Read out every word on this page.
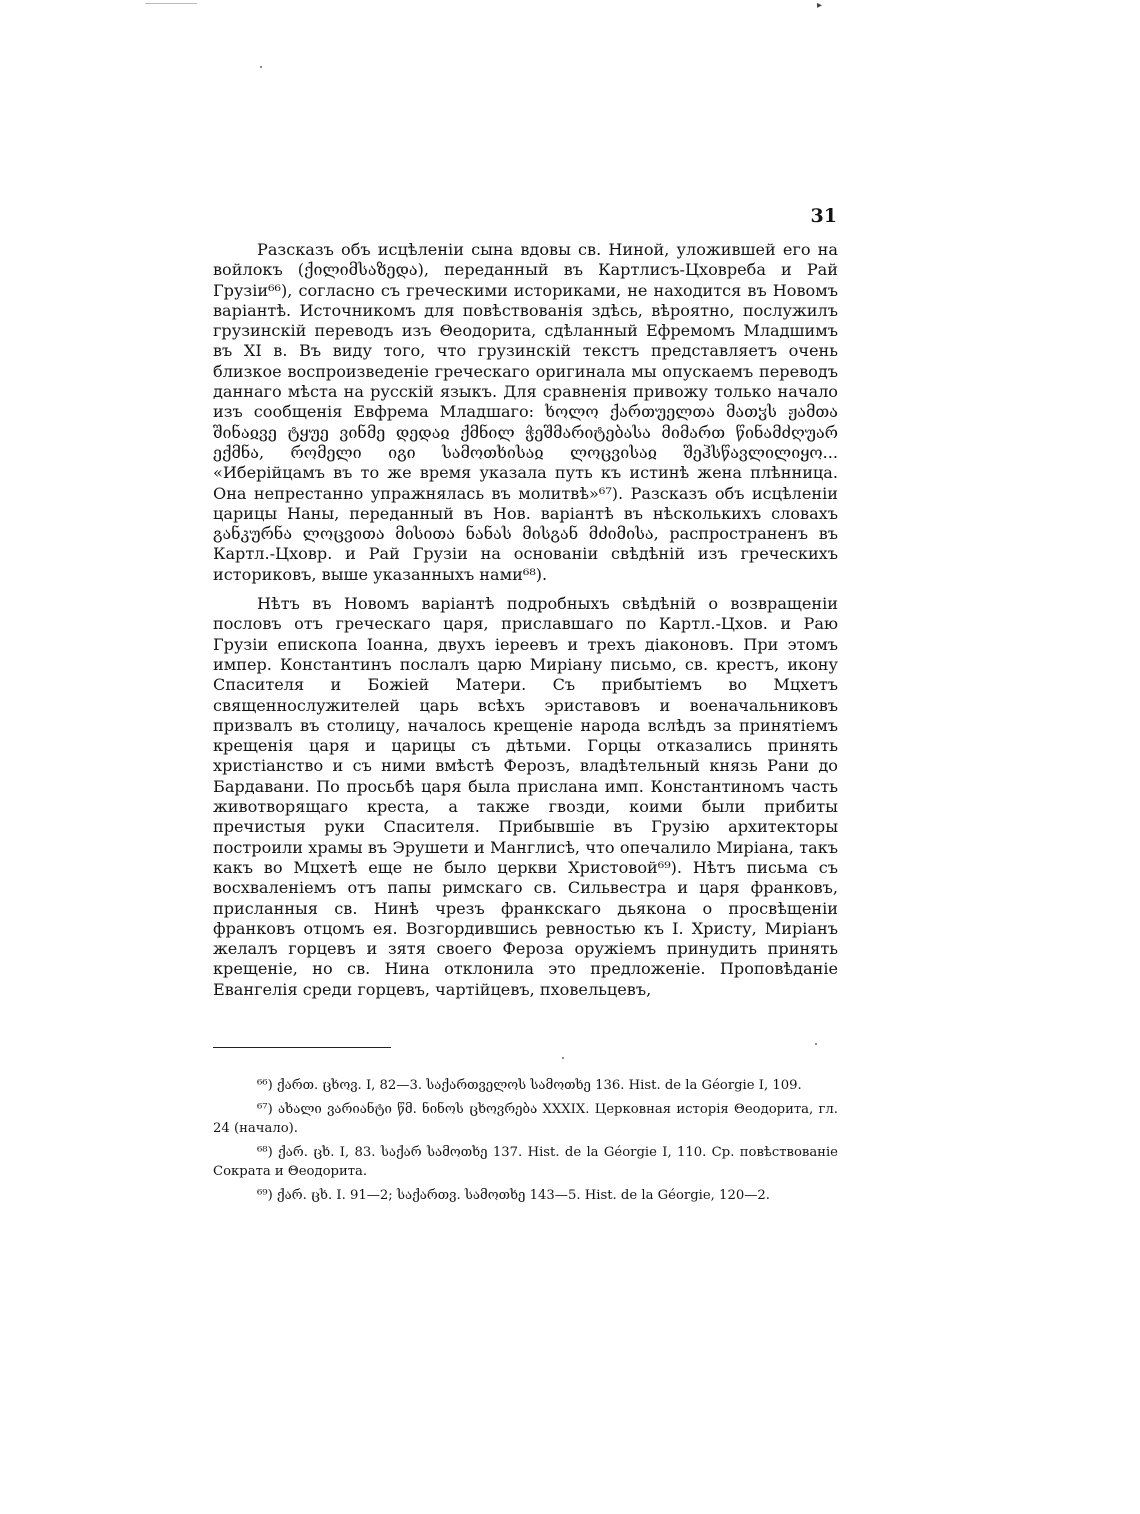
▸
31

Разсказъ объ исцѣленіи сына вдовы св. Ниной, уложившей его на войлокъ (ქილიმსაზედა), переданный въ Картлисъ-Цховреба и Рай Грузіи⁶⁶), согласно съ греческими историками, не находится въ Новомъ варіантѣ. Источникомъ для повѣствованія здѣсь, вѣроятно, послужилъ грузинскій переводъ изъ Θеодорита, сдѣланный Ефремомъ Младшимъ въ XI в. Въ виду того, что грузинскій текстъ представляетъ очень близкое воспроизведеніе греческаго оригинала мы опускаемъ переводъ даннаго мѣста на русскій языкъ. Для сравненія привожу только начало изъ сообщенія Евфрема Младшаго: ხოლო ქართუელთა მათჳს ჟამთა შინაჲვე ტყუე ვინმე დედაჲ ქმნილ ჭეშმარიტებასა მიმართ წინამძღუარ ექმნა, რომელი იგი სამოთხისაჲ ლოცვისაჲ შეჰსწავლილიყო... «Иберійцамъ въ то же время указала путь къ истинѣ жена плѣнница. Она непрестанно упражнялась въ молитвѣ»⁶⁷). Разсказъ объ исцѣленіи царицы Наны, переданный въ Нов. варіантѣ въ нѣсколькихъ словахъ განკურნა ლოცვითა მისითა ნანას მისგან მძიმისა, распространенъ въ Картл.-Цховр. и Рай Грузіи на основаніи свѣдѣній изъ греческихъ историковъ, выше указанныхъ нами⁶⁸).

Нѣтъ въ Новомъ варіантѣ подробныхъ свѣдѣній о возвращеніи пословъ отъ греческаго царя, приславшаго по Картл.-Цхов. и Раю Грузіи епископа Іоанна, двухъ іереевъ и трехъ діаконовъ. При этомъ импер. Константинъ послалъ царю Миріану письмо, св. крестъ, икону Спасителя и Божіей Матери. Съ прибытіемъ во Мцхетъ священнослужителей царь всѣхъ эриставовъ и военачальниковъ призвалъ въ столицу, началось крещеніе народа вслѣдъ за принятіемъ крещенія царя и царицы съ дѣтьми. Горцы отказались принять христіанство и съ ними вмѣстѣ Ферозъ, владѣтельный князь Рани до Бардавани. По просьбѣ царя была прислана имп. Константиномъ часть животворящаго креста, а также гвозди, коими были прибиты пречистыя руки Спасителя. Прибывшіе въ Грузію архитекторы построили храмы въ Эрушети и Манглисѣ, что опечалило Миріана, такъ какъ во Мцхетѣ еще не было церкви Христовой⁶⁹). Нѣтъ письма съ восхваленіемъ отъ папы римскаго св. Сильвестра и царя франковъ, присланныя св. Нинѣ чрезъ франкскаго дьякона о просвѣщеніи франковъ отцомъ ея. Возгордившись ревностью къ І. Христу, Миріанъ желалъ горцевъ и зятя своего Фероза оружіемъ принудить принять крещеніе, но св. Нина отклонила это предложеніе. Проповѣданіе Евангелія среди горцевъ, чартійцевъ, пховельцевъ,

⁶⁶) ქართ. ცხოვ. I, 82—3. საქართველოს სამოთხე 136. Hist. de la Géorgie I, 109.

⁶⁷) ახალი ვარიანტი წმ. ნინოს ცხოვრება XXXIX. Церковная исторія Θеодорита, гл. 24 (начало).

⁶⁸) ქარ. ცხ. I, 83. საქარ სამოთხე 137. Hist. de la Géorgie I, 110. Ср. повѣствованіе Сократа и Θеодорита.

⁶⁹) ქარ. ცხ. I. 91—2; საქართვ. სამოთხე 143—5. Hist. de la Géorgie, 120—2.
